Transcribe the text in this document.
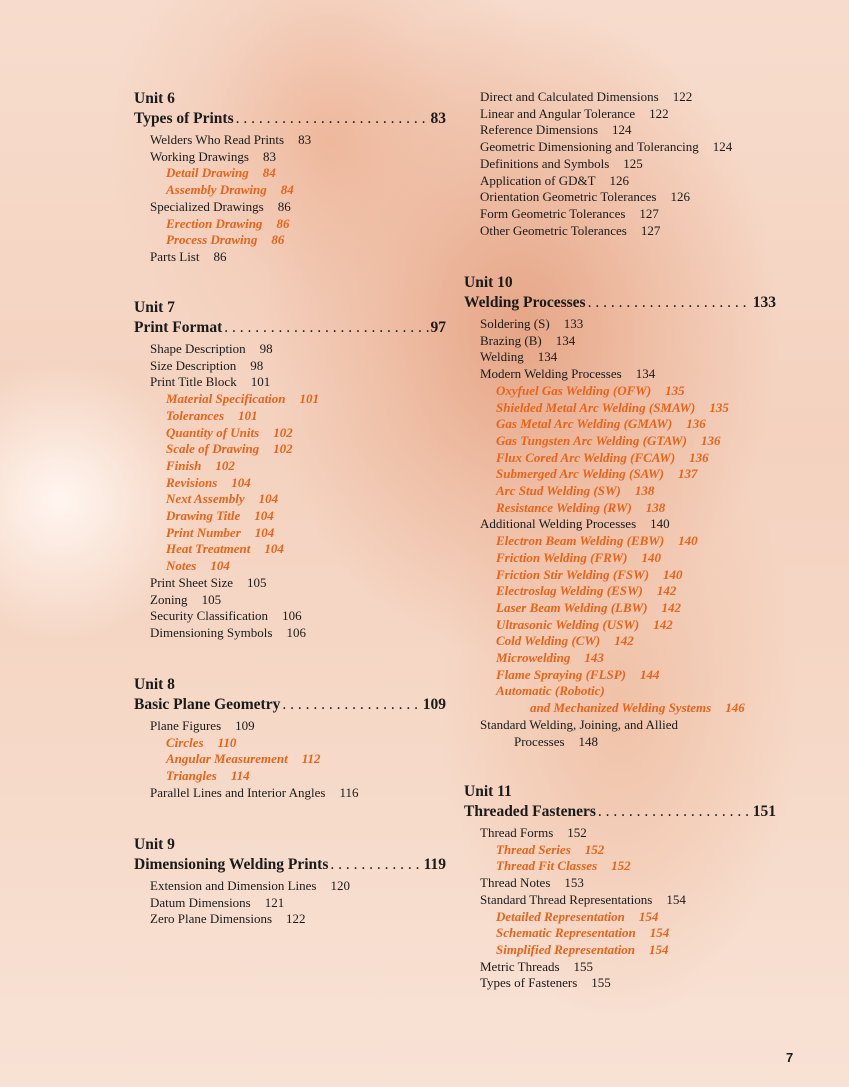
Unit 6
Types of Prints . . .	83
Welders Who Read Prints 83
Working Drawings 83
Detail Drawing 84
Assembly Drawing 84
Specialized Drawings 86
Erection Drawing 86
Process Drawing 86
Parts List 86
Unit 7
Print Format . . .	97
Shape Description 98
Size Description 98
Print Title Block 101
Material Specification 101
Tolerances 101
Quantity of Units 102
Scale of Drawing 102
Finish 102
Revisions 104
Next Assembly 104
Drawing Title 104
Print Number 104
Heat Treatment 104
Notes 104
Print Sheet Size 105
Zoning 105
Security Classification 106
Dimensioning Symbols 106
Unit 8
Basic Plane Geometry . . .	109
Plane Figures 109
Circles 110
Angular Measurement 112
Triangles 114
Parallel Lines and Interior Angles 116
Unit 9
Dimensioning Welding Prints . . .	119
Extension and Dimension Lines 120
Datum Dimensions 121
Zero Plane Dimensions 122
Direct and Calculated Dimensions 122
Linear and Angular Tolerance 122
Reference Dimensions 124
Geometric Dimensioning and Tolerancing 124
Definitions and Symbols 125
Application of GD&T 126
Orientation Geometric Tolerances 126
Form Geometric Tolerances 127
Other Geometric Tolerances 127
Unit 10
Welding Processes . . .	133
Soldering (S) 133
Brazing (B) 134
Welding 134
Modern Welding Processes 134
Oxyfuel Gas Welding (OFW) 135
Shielded Metal Arc Welding (SMAW) 135
Gas Metal Arc Welding (GMAW) 136
Gas Tungsten Arc Welding (GTAW) 136
Flux Cored Arc Welding (FCAW) 136
Submerged Arc Welding (SAW) 137
Arc Stud Welding (SW) 138
Resistance Welding (RW) 138
Additional Welding Processes 140
Electron Beam Welding (EBW) 140
Friction Welding (FRW) 140
Friction Stir Welding (FSW) 140
Electroslag Welding (ESW) 142
Laser Beam Welding (LBW) 142
Ultrasonic Welding (USW) 142
Cold Welding (CW) 142
Microwelding 143
Flame Spraying (FLSP) 144
Automatic (Robotic)
and Mechanized Welding Systems 146
Standard Welding, Joining, and Allied
Processes 148
Unit 11
Threaded Fasteners . . .	151
Thread Forms 152
Thread Series 152
Thread Fit Classes 152
Thread Notes 153
Standard Thread Representations 154
Detailed Representation 154
Schematic Representation 154
Simplified Representation 154
Metric Threads 155
Types of Fasteners 155
7
